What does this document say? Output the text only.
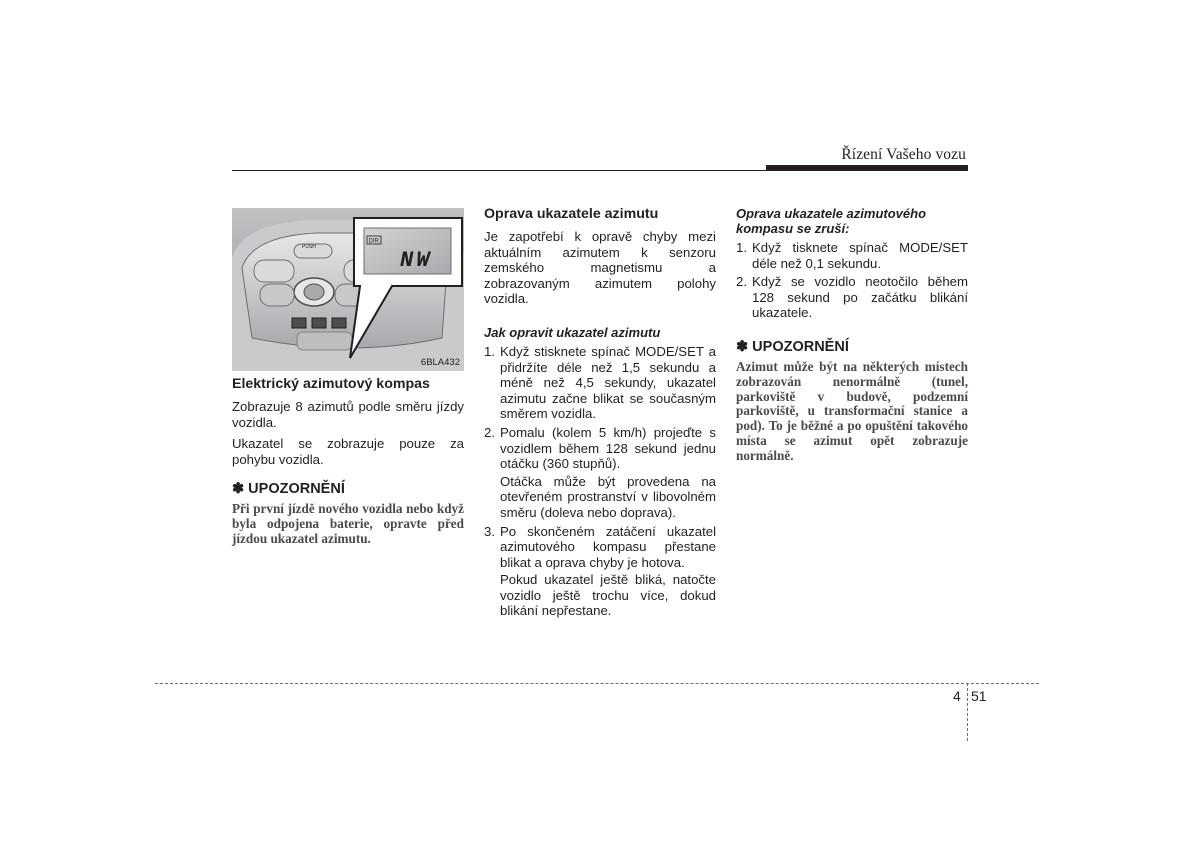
Řízení Vašeho vozu
PUSH
DIR
NW
6BLA432
Elektrický azimutový kompas

Zobrazuje 8 azimutů podle směru jízdy vozidla.

Ukazatel se zobrazuje pouze za pohybu vozidla.

✽ UPOZORNĚNÍ

Při první jízdě nového vozidla nebo když byla odpojena baterie, opravte před jízdou ukazatel azimutu.

Oprava ukazatele azimutu

Je zapotřebí k opravě chyby mezi aktuálním azimutem k senzoru zemského magnetismu a zobrazovaným azimutem polohy vozidla.

Jak opravit ukazatel azimutu
1. Když stisknete spínač MODE/SET a přidržíte déle než 1,5 sekundu a méně než 4,5 sekundy, ukazatel azimutu začne blikat se současným směrem vozidla.
2. Pomalu (kolem 5 km/h) projeďte s vozidlem během 128 sekund jednu otáčku (360 stupňů).

Otáčka může být provedena na otevřeném prostranství v libovolném směru (doleva nebo doprava).

3. Po skončeném zatáčení ukazatel azimutového kompasu přestane blikat a oprava chyby je hotova.

Pokud ukazatel ještě bliká, natočte vozidlo ještě trochu více, dokud blikání nepřestane.

Oprava ukazatele azimutového kompasu se zruší:
1. Když tisknete spínač MODE/SET déle než 0,1 sekundu.
2. Když se vozidlo neotočilo během 128 sekund po začátku blikání ukazatele.
✽ UPOZORNĚNÍ

Azimut může být na některých místech zobrazován nenormálně (tunel, parkoviště v budově, podzemní parkoviště, u transformační stanice a pod). To je běžné a po opuštění takového místa se azimut opět zobrazuje normálně.

4 51
